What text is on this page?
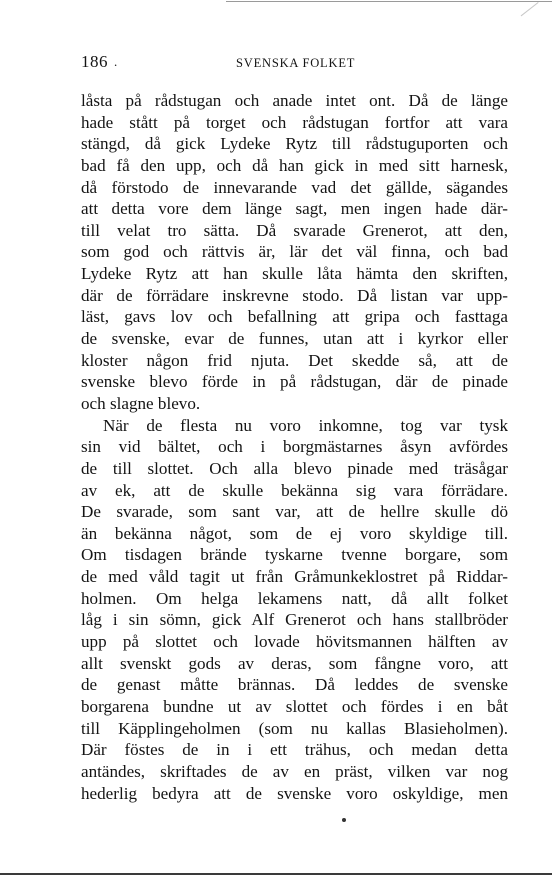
186 .	SVENSKA FOLKET
låsta på rådstugan och anade intet ont. Då de länge
hade stått på torget och rådstugan fortfor att vara
stängd, då gick Lydeke Rytz till rådstuguporten och
bad få den upp, och då han gick in med sitt harnesk,
då förstodo de innevarande vad det gällde, sägandes
att detta vore dem länge sagt, men ingen hade där-
till velat tro sätta. Då svarade Grenerot, att den,
som god och rättvis är, lär det väl finna, och bad
Lydeke Rytz att han skulle låta hämta den skriften,
där de förrädare inskrevne stodo. Då listan var upp-
läst, gavs lov och befallning att gripa och fasttaga
de svenske, evar de funnes, utan att i kyrkor eller
kloster någon frid njuta. Det skedde så, att de
svenske blevo förde in på rådstugan, där de pinade
och slagne blevo.
När de flesta nu voro inkomne, tog var tysk
sin vid bältet, och i borgmästarnes åsyn avfördes
de till slottet. Och alla blevo pinade med träsågar
av ek, att de skulle bekänna sig vara förrädare.
De svarade, som sant var, att de hellre skulle dö
än bekänna något, som de ej voro skyldige till.
Om tisdagen brände tyskarne tvenne borgare, som
de med våld tagit ut från Gråmunkeklostret på Riddar-
holmen. Om helga lekamens natt, då allt folket
låg i sin sömn, gick Alf Grenerot och hans stallbröder
upp på slottet och lovade hövitsmannen hälften av
allt svenskt gods av deras, som fångne voro, att
de genast måtte brännas. Då leddes de svenske
borgarena bundne ut av slottet och fördes i en båt
till Käpplingeholmen (som nu kallas Blasieholmen).
Där föstes de in i ett trähus, och medan detta
antändes, skriftades de av en präst, vilken var nog
hederlig bedyra att de svenske voro oskyldige, men
